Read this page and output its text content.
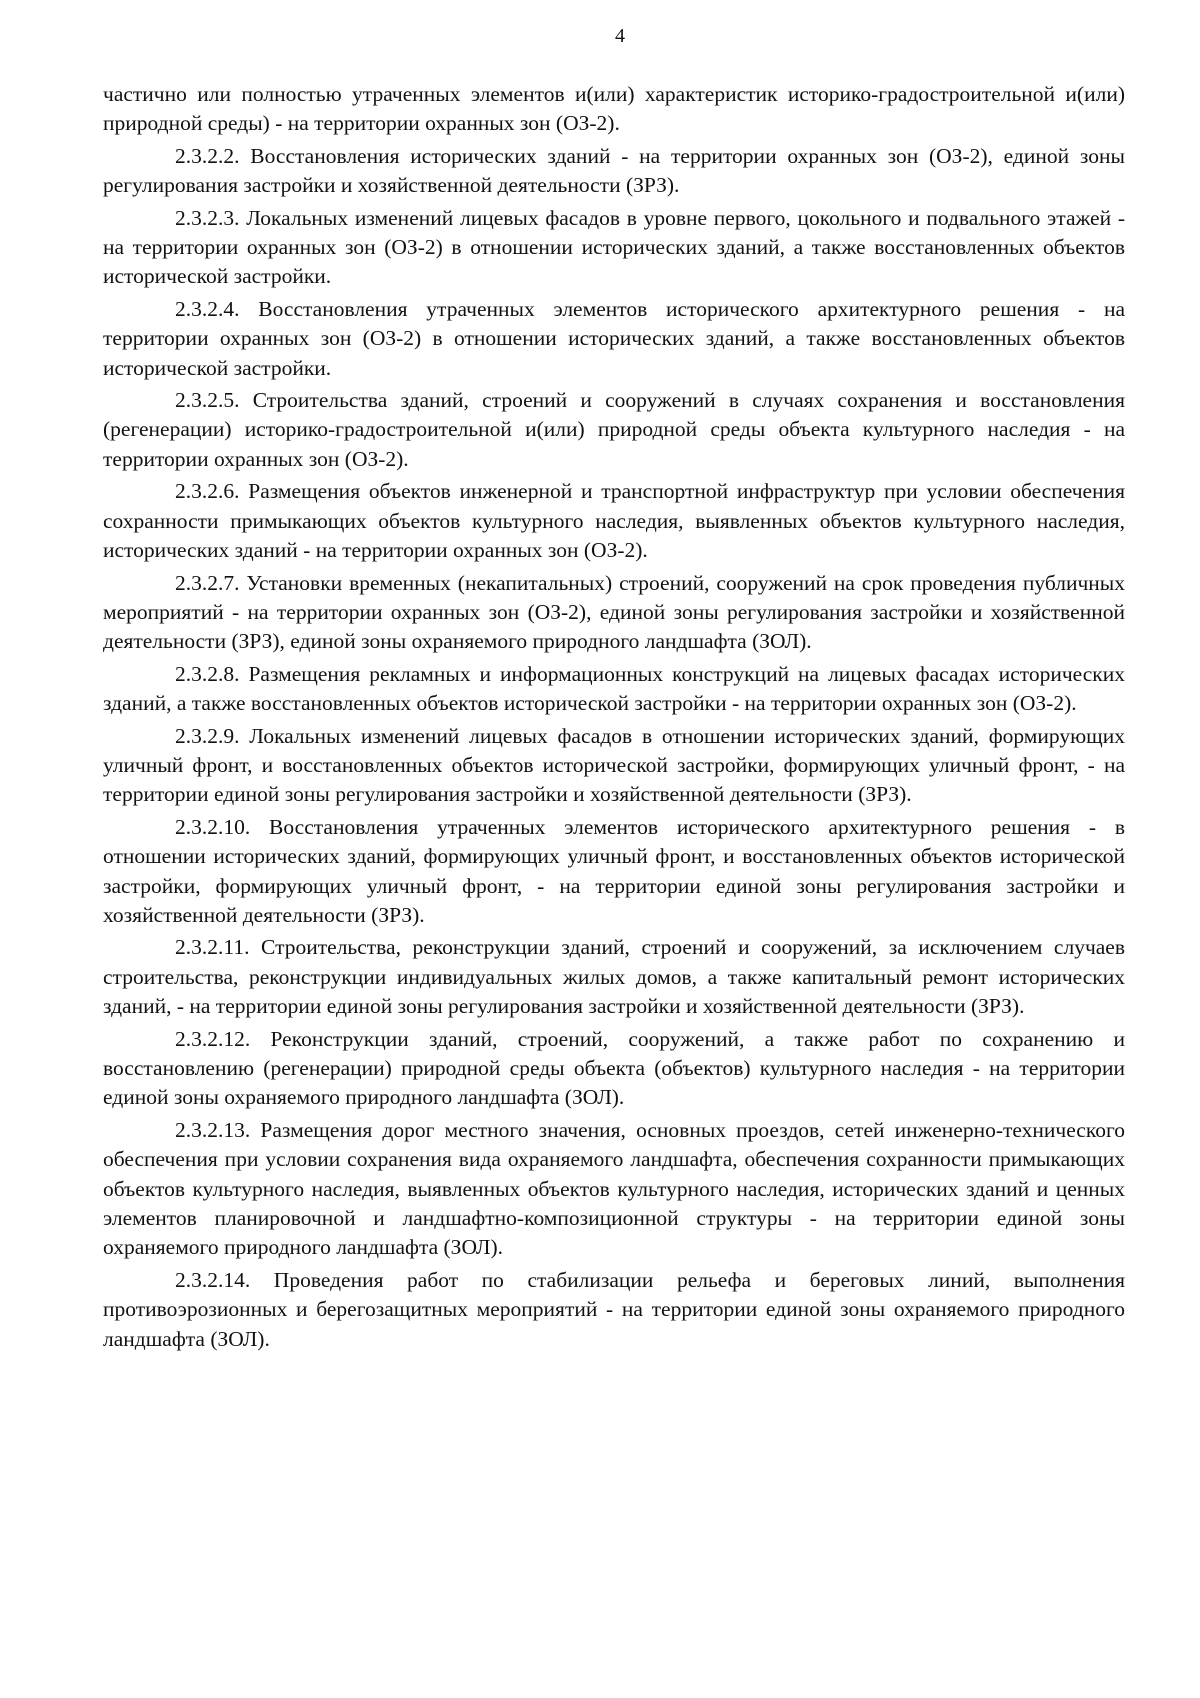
4

частично или полностью утраченных элементов и(или) характеристик историко-градостроительной и(или) природной среды) - на территории охранных зон (ОЗ-2).

2.3.2.2. Восстановления исторических зданий - на территории охранных зон (ОЗ-2), единой зоны регулирования застройки и хозяйственной деятельности (ЗРЗ).

2.3.2.3. Локальных изменений лицевых фасадов в уровне первого, цокольного и подвального этажей - на территории охранных зон (ОЗ-2) в отношении исторических зданий, а также восстановленных объектов исторической застройки.

2.3.2.4. Восстановления утраченных элементов исторического архитектурного решения - на территории охранных зон (ОЗ-2) в отношении исторических зданий, а также восстановленных объектов исторической застройки.

2.3.2.5. Строительства зданий, строений и сооружений в случаях сохранения и восстановления (регенерации) историко-градостроительной и(или) природной среды объекта культурного наследия - на территории охранных зон (ОЗ-2).

2.3.2.6. Размещения объектов инженерной и транспортной инфраструктур при условии обеспечения сохранности примыкающих объектов культурного наследия, выявленных объектов культурного наследия, исторических зданий - на территории охранных зон (ОЗ-2).

2.3.2.7. Установки временных (некапитальных) строений, сооружений на срок проведения публичных мероприятий - на территории охранных зон (ОЗ-2), единой зоны регулирования застройки и хозяйственной деятельности (ЗРЗ), единой зоны охраняемого природного ландшафта (ЗОЛ).

2.3.2.8. Размещения рекламных и информационных конструкций на лицевых фасадах исторических зданий, а также восстановленных объектов исторической застройки - на территории охранных зон (ОЗ-2).

2.3.2.9. Локальных изменений лицевых фасадов в отношении исторических зданий, формирующих уличный фронт, и восстановленных объектов исторической застройки, формирующих уличный фронт, - на территории единой зоны регулирования застройки и хозяйственной деятельности (ЗРЗ).

2.3.2.10. Восстановления утраченных элементов исторического архитектурного решения - в отношении исторических зданий, формирующих уличный фронт, и восстановленных объектов исторической застройки, формирующих уличный фронт, - на территории единой зоны регулирования застройки и хозяйственной деятельности (ЗРЗ).

2.3.2.11. Строительства, реконструкции зданий, строений и сооружений, за исключением случаев строительства, реконструкции индивидуальных жилых домов, а также капитальный ремонт исторических зданий, - на территории единой зоны регулирования застройки и хозяйственной деятельности (ЗРЗ).

2.3.2.12. Реконструкции зданий, строений, сооружений, а также работ по сохранению и восстановлению (регенерации) природной среды объекта (объектов) культурного наследия - на территории единой зоны охраняемого природного ландшафта (ЗОЛ).

2.3.2.13. Размещения дорог местного значения, основных проездов, сетей инженерно-технического обеспечения при условии сохранения вида охраняемого ландшафта, обеспечения сохранности примыкающих объектов культурного наследия, выявленных объектов культурного наследия, исторических зданий и ценных элементов планировочной и ландшафтно-композиционной структуры - на территории единой зоны охраняемого природного ландшафта (ЗОЛ).

2.3.2.14. Проведения работ по стабилизации рельефа и береговых линий, выполнения противоэрозионных и берегозащитных мероприятий - на территории единой зоны охраняемого природного ландшафта (ЗОЛ).
